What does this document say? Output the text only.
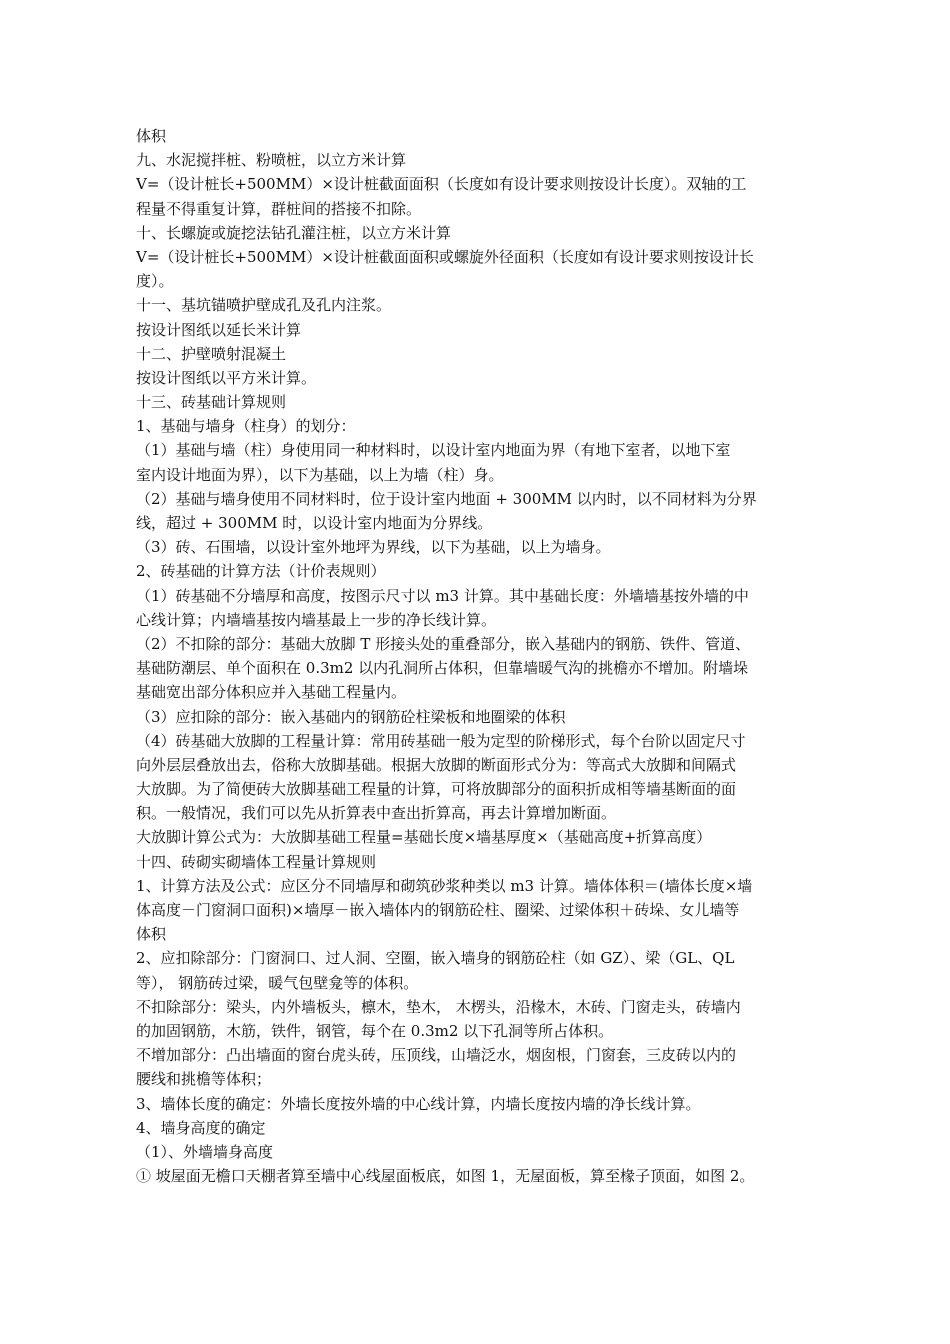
体积
九、水泥搅拌桩、粉喷桩，以立方米计算
V=（设计桩长+500MM）×设计桩截面面积（长度如有设计要求则按设计长度）。双轴的工
程量不得重复计算，群桩间的搭接不扣除。
十、长螺旋或旋挖法钻孔灌注桩，以立方米计算
V=（设计桩长+500MM）×设计桩截面面积或螺旋外径面积（长度如有设计要求则按设计长
度）。
十一、基坑锚喷护壁成孔及孔内注浆。
按设计图纸以延长米计算
十二、护壁喷射混凝土
按设计图纸以平方米计算。
十三、砖基础计算规则
1、基础与墙身（柱身）的划分：
（1）基础与墙（柱）身使用同一种材料时，以设计室内地面为界（有地下室者，以地下室
室内设计地面为界），以下为基础，以上为墙（柱）身。
（2）基础与墙身使用不同材料时，位于设计室内地面 + 300MM 以内时，以不同材料为分界
线，超过 + 300MM 时，以设计室内地面为分界线。
（3）砖、石围墙，以设计室外地坪为界线，以下为基础，以上为墙身。
2、砖基础的计算方法（计价表规则）
（1）砖基础不分墙厚和高度，按图示尺寸以 m3 计算。其中基础长度：外墙墙基按外墙的中
心线计算；内墙墙基按内墙基最上一步的净长线计算。
（2）不扣除的部分：基础大放脚 T 形接头处的重叠部分，嵌入基础内的钢筋、铁件、管道、
基础防潮层、单个面积在 0.3m2 以内孔洞所占体积，但靠墙暖气沟的挑檐亦不增加。附墙垛
基础宽出部分体积应并入基础工程量内。
（3）应扣除的部分：嵌入基础内的钢筋砼柱梁板和地圈梁的体积
（4）砖基础大放脚的工程量计算：常用砖基础一般为定型的阶梯形式，每个台阶以固定尺寸
向外层层叠放出去，俗称大放脚基础。根据大放脚的断面形式分为：等高式大放脚和间隔式
大放脚。为了简便砖大放脚基础工程量的计算，可将放脚部分的面积折成相等墙基断面的面
积。一般情况，我们可以先从折算表中查出折算高，再去计算增加断面。
大放脚计算公式为：大放脚基础工程量=基础长度×墙基厚度×（基础高度+折算高度）
十四、砖砌实砌墙体工程量计算规则
1、计算方法及公式：应区分不同墙厚和砌筑砂浆种类以 m3 计算。墙体体积＝(墙体长度×墙
体高度－门窗洞口面积)×墙厚－嵌入墙体内的钢筋砼柱、圈梁、过梁体积＋砖垛、女儿墙等
体积
2、应扣除部分：门窗洞口、过人洞、空圈，嵌入墙身的钢筋砼柱（如 GZ）、梁（GL、QL
等）， 钢筋砖过梁，暖气包壁龛等的体积。
不扣除部分：梁头，内外墙板头，檩木，垫木， 木楞头，沿椽木，木砖、门窗走头，砖墙内
的加固钢筋，木筋，铁件，钢管，每个在 0.3m2 以下孔洞等所占体积。
不增加部分：凸出墙面的窗台虎头砖，压顶线，山墙泛水，烟囱根，门窗套，三皮砖以内的
腰线和挑檐等体积；
3、墙体长度的确定：外墙长度按外墙的中心线计算，内墙长度按内墙的净长线计算。
4、墙身高度的确定
（1）、外墙墙身高度
① 坡屋面无檐口天棚者算至墙中心线屋面板底，如图 1，无屋面板，算至椽子顶面，如图 2。
